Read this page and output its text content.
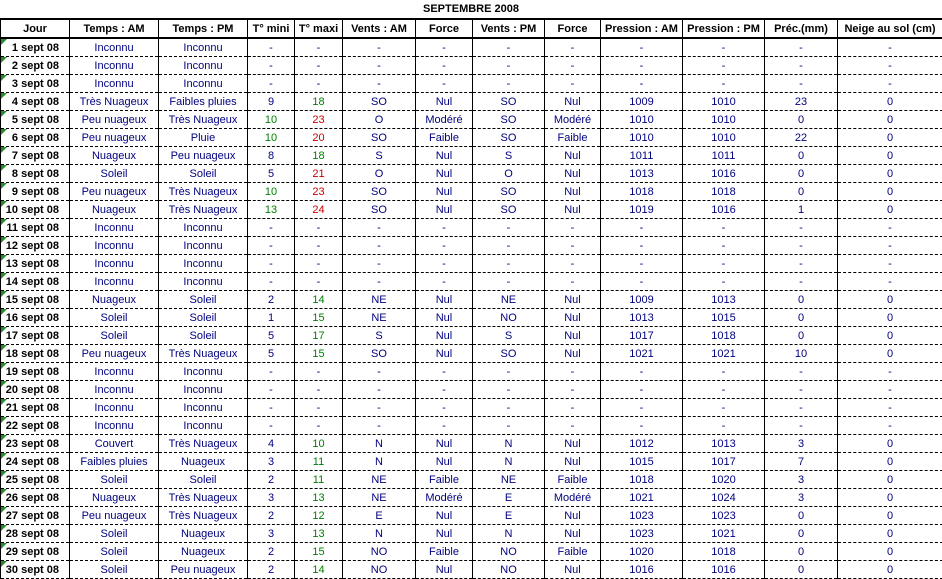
SEPTEMBRE 2008
Jour	Temps : AM	Temps : PM	T° mini	T° maxi	Vents : AM	Force	Vents : PM	Force	Pression : AM	Pression : PM	Préc.(mm)	Neige au sol (cm)

1 sept 08	Inconnu	Inconnu	-	-	-	-	-	-	-	-	-	-

2 sept 08	Inconnu	Inconnu	-	-	-	-	-	-	-	-	-	-

3 sept 08	Inconnu	Inconnu	-	-	-	-	-	-	-	-	-	-

4 sept 08	Très Nuageux	Faibles pluies	9	18	SO	Nul	SO	Nul	1009	1010	23	0

5 sept 08	Peu nuageux	Très Nuageux	10	23	O	Modéré	SO	Modéré	1010	1010	0	0

6 sept 08	Peu nuageux	Pluie	10	20	SO	Faible	SO	Faible	1010	1010	22	0

7 sept 08	Nuageux	Peu nuageux	8	18	S	Nul	S	Nul	1011	1011	0	0

8 sept 08	Soleil	Soleil	5	21	O	Nul	O	Nul	1013	1016	0	0

9 sept 08	Peu nuageux	Très Nuageux	10	23	SO	Nul	SO	Nul	1018	1018	0	0

10 sept 08	Nuageux	Très Nuageux	13	24	SO	Nul	SO	Nul	1019	1016	1	0

11 sept 08	Inconnu	Inconnu	-	-	-	-	-	-	-	-	-	-

12 sept 08	Inconnu	Inconnu	-	-	-	-	-	-	-	-	-	-

13 sept 08	Inconnu	Inconnu	-	-	-	-	-	-	-	-	-	-

14 sept 08	Inconnu	Inconnu	-	-	-	-	-	-	-	-	-	-

15 sept 08	Nuageux	Soleil	2	14	NE	Nul	NE	Nul	1009	1013	0	0

16 sept 08	Soleil	Soleil	1	15	NE	Nul	NO	Nul	1013	1015	0	0

17 sept 08	Soleil	Soleil	5	17	S	Nul	S	Nul	1017	1018	0	0

18 sept 08	Peu nuageux	Très Nuageux	5	15	SO	Nul	SO	Nul	1021	1021	10	0

19 sept 08	Inconnu	Inconnu	-	-	-	-	-	-	-	-	-	-

20 sept 08	Inconnu	Inconnu	-	-	-	-	-	-	-	-	-	-

21 sept 08	Inconnu	Inconnu	-	-	-	-	-	-	-	-	-	-

22 sept 08	Inconnu	Inconnu	-	-	-	-	-	-	-	-	-	-

23 sept 08	Couvert	Très Nuageux	4	10	N	Nul	N	Nul	1012	1013	3	0

24 sept 08	Faibles pluies	Nuageux	3	11	N	Nul	N	Nul	1015	1017	7	0

25 sept 08	Soleil	Soleil	2	11	NE	Faible	NE	Faible	1018	1020	3	0

26 sept 08	Nuageux	Très Nuageux	3	13	NE	Modéré	E	Modéré	1021	1024	3	0

27 sept 08	Peu nuageux	Très Nuageux	2	12	E	Nul	E	Nul	1023	1023	0	0

28 sept 08	Soleil	Nuageux	3	13	N	Nul	N	Nul	1023	1021	0	0

29 sept 08	Soleil	Nuageux	2	15	NO	Faible	NO	Faible	1020	1018	0	0

30 sept 08	Soleil	Peu nuageux	2	14	NO	Nul	NO	Nul	1016	1016	0	0
